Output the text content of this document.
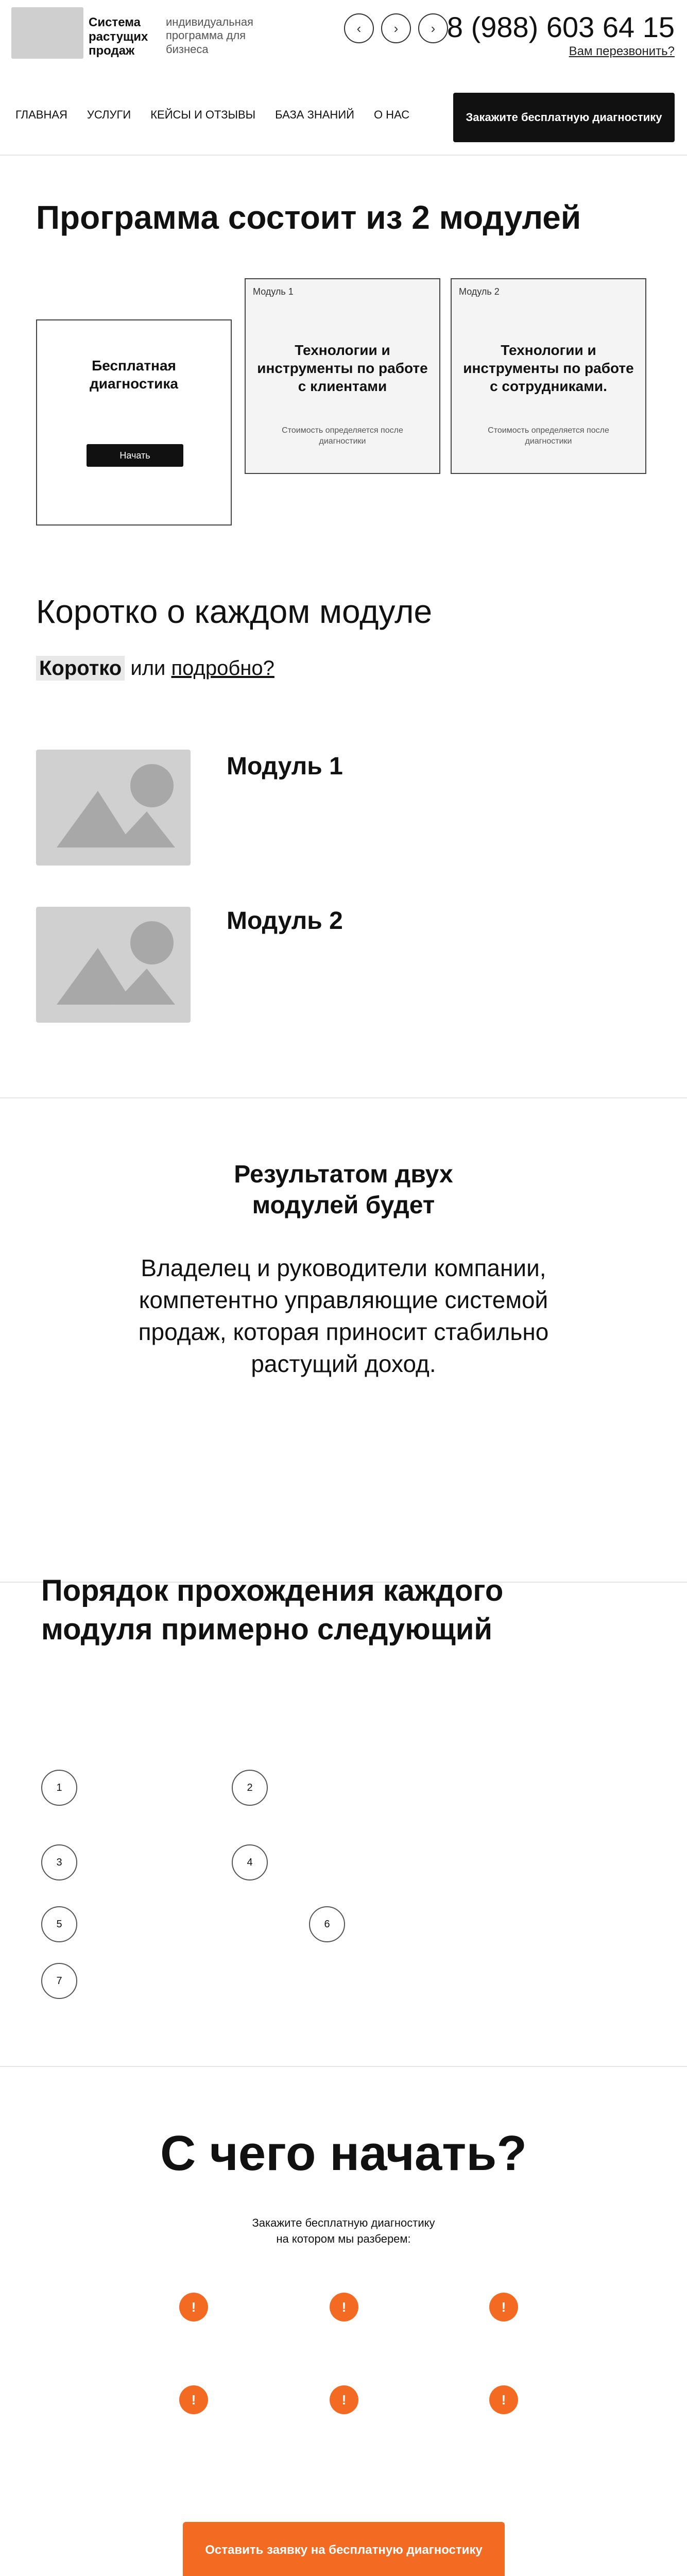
Система растущих продаж
индивидуальная программа для бизнеса
‹	›	› 8 (988) 603 64 15
Вам перезвонить?
ГЛАВНАЯ УСЛУГИ КЕЙСЫ И ОТЗЫВЫ БАЗА ЗНАНИЙ О НАС	Закажите бесплатную диагностику
Программа состоит из 2 модулей
Бесплатная диагностика
Начать
Модуль 1
Технологии и инструменты по работе с клиентами
Стоимость определяется после диагностики
Модуль 2
Технологии и инструменты по работе с сотрудниками.
Стоимость определяется после диагностики
Коротко о каждом модуле
Коротко или подробно?
Модуль 1
Модуль 2
Результатом двух модулей будет
Владелец и руководители компании, компетентно управляющие системой продаж, которая приносит стабильно растущий доход.
Порядок прохождения каждого модуля примерно следующий
1	2
3	4
5	6
7
С чего начать?
Закажите бесплатную диагностику
на котором мы разберем:
!	!	!
!	!	!
Оставить заявку на бесплатную диагностику
